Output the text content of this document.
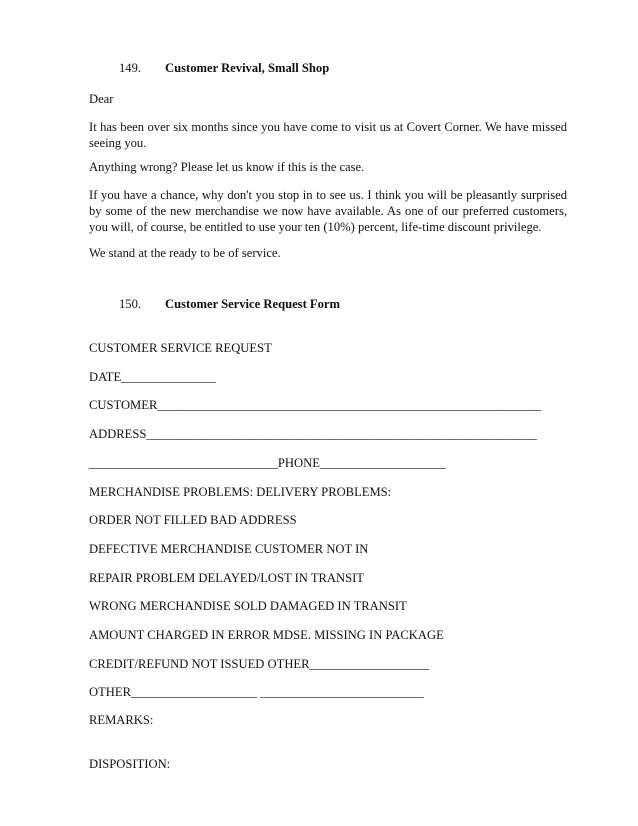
149. Customer Revival, Small Shop
Dear
It has been over six months since you have come to visit us at Covert Corner. We have missed
seeing you.
Anything wrong? Please let us know if this is the case.
If you have a chance, why don't you stop in to see us. I think you will be pleasantly surprised
by some of the new merchandise we now have available. As one of our preferred customers,
you will, of course, be entitled to use your ten (10%) percent, life-time discount privilege.
We stand at the ready to be of service.
150. Customer Service Request Form
CUSTOMER SERVICE REQUEST
DATE_______________
CUSTOMER_____________________________________________________________
ADDRESS______________________________________________________________
______________________________PHONE____________________
MERCHANDISE PROBLEMS: DELIVERY PROBLEMS:
ORDER NOT FILLED BAD ADDRESS
DEFECTIVE MERCHANDISE CUSTOMER NOT IN
REPAIR PROBLEM DELAYED/LOST IN TRANSIT
WRONG MERCHANDISE SOLD DAMAGED IN TRANSIT
AMOUNT CHARGED IN ERROR MDSE. MISSING IN PACKAGE
CREDIT/REFUND NOT ISSUED OTHER___________________
OTHER____________________ __________________________
REMARKS:
DISPOSITION:
